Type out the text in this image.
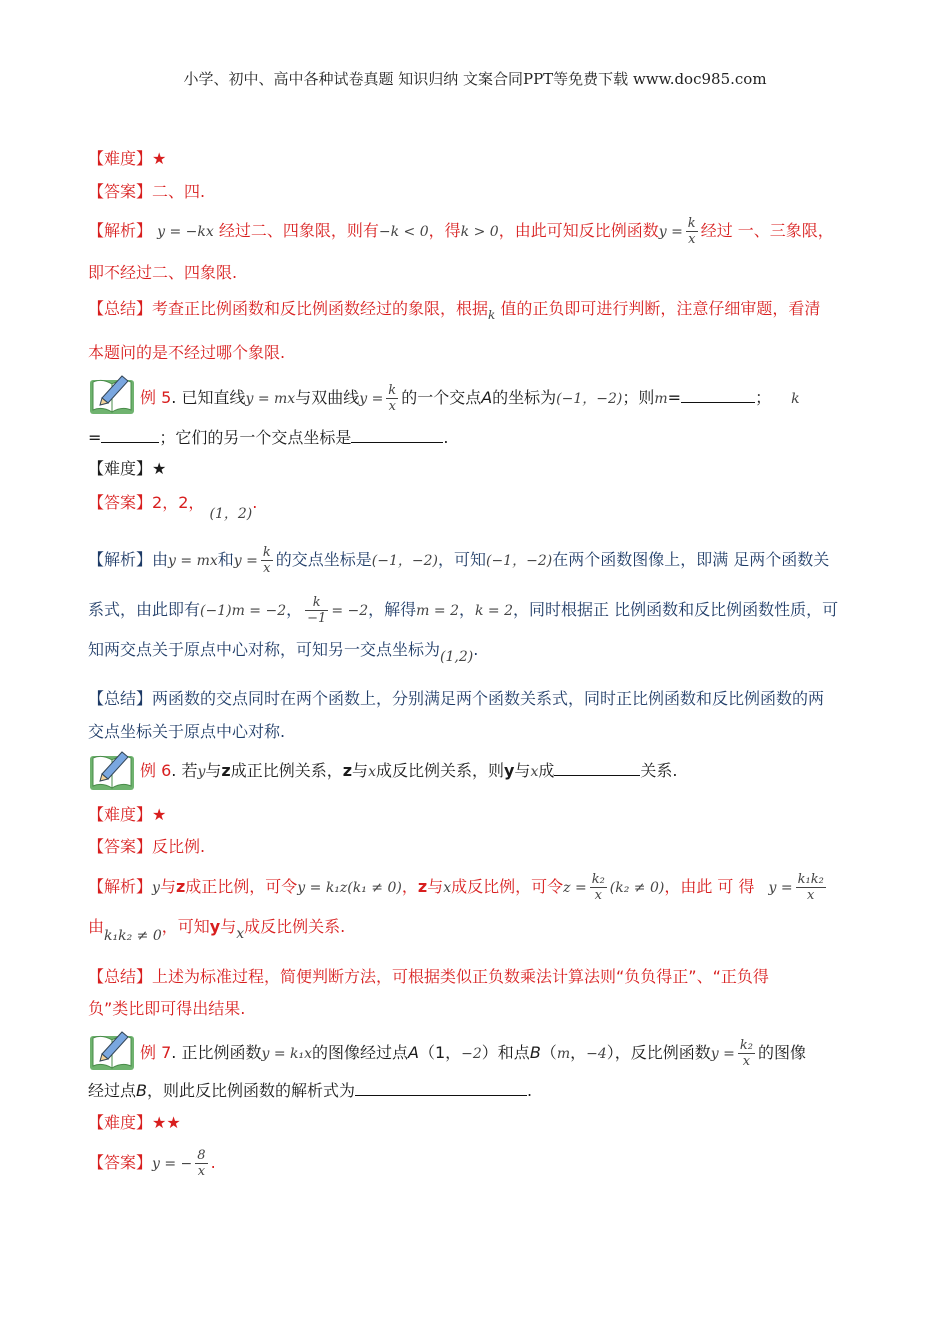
小学、初中、高中各种试卷真题 知识归纳 文案合同PPT等免费下载 www.doc985.com
【难度】★
【答案】二、四.
【解析】 y = −kx 经过二、四象限，则有−k < 0，得k > 0，由此可知反比例函数$y = \frac{k}{x}$ 经过 一、三象限，
即不经过二、四象限.
【总结】考查正比例函数和反比例函数经过的象限，根据$_k$ 值的正负即可进行判断，注意仔细审题，看清
本题问的是不经过哪个象限.
例 5. 已知直线y = mx与双曲线$y = \frac{k}{x}$ 的一个交点A的坐标为(−1，−2)；则m=	； k
=	；它们的另一个交点坐标是	.
【难度】★
【答案】2，2， (1，2).
【解析】由y = mx和$y = \frac{k}{x}$ 的交点坐标是(−1，−2)，可知(−1，−2)在两个函数图像上，即满 足两个函数关
系式，由此即有(−1)m = −2， $\frac{k}{-1} = -2$，解得m = 2，k = 2，同时根据正 比例函数和反比例函数性质，可
知两交点关于原点中心对称，可知另一交点坐标为(1,2).
【总结】两函数的交点同时在两个函数上，分别满足两个函数关系式，同时正比例函数和反比例函数的两
交点坐标关于原点中心对称.
例 6. 若y与z成正比例关系，z与x成反比例关系，则y与x成	关系.
【难度】★
【答案】反比例.
【解析】y与z成正比例，可令y = k₁z(k₁ ≠ 0)，z与x成反比例，可令$z = \frac{\text{k₂}}{x} (k_2 \ne 0)$，由此 可 得 $y = \frac{\text{k₁k₂}}{x}$
由k₁k₂ ≠ 0，可知y与x成反比例关系.
【总结】上述为标准过程，简便判断方法，可根据类似正负数乘法计算法则“负负得正”、“正负得
负”类比即可得出结果.
例 7. 正比例函数y = k₁x的图像经过点A（1，−2）和点B（m，−4），反比例函数$y = \frac{\text{k₂}}{x}$ 的图像
经过点B，则此反比例函数的解析式为	.
【难度】★★
【答案】y = − $\frac{8}{x}$ .
